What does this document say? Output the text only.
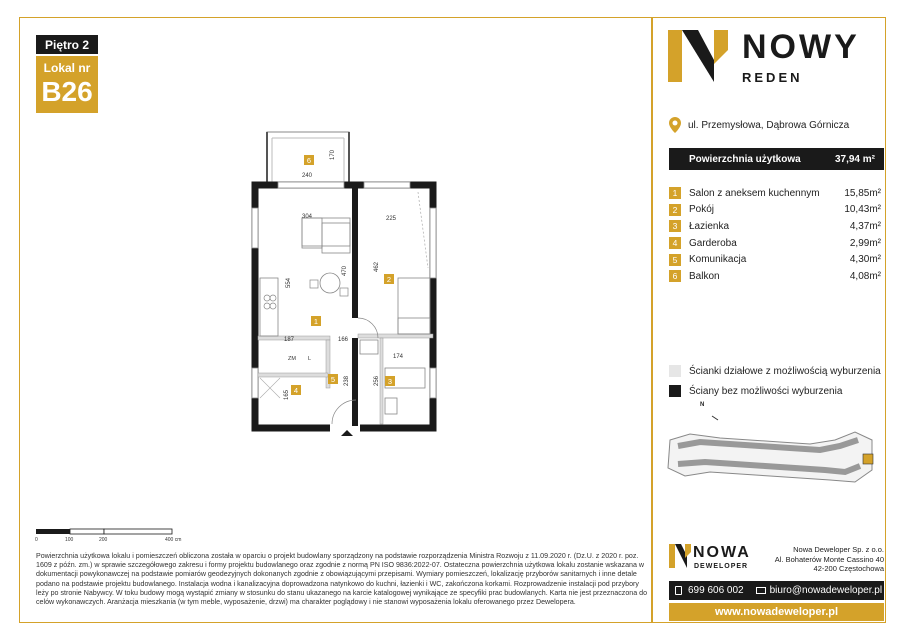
Piętro 2
Lokal nr
B26
6
170
240
304	225
470	462
554
1
2
187	166
174
ZM L
5	3
4
238	256
165
0	100	200	400 cm
Powierzchnia użytkowa lokalu i pomieszczeń obliczona została w oparciu o projekt budowlany sporządzony na podstawie rozporządzenia Ministra Rozwoju z 11.09.2020 r. (Dz.U. z 2020 r. poz. 1609 z późn. zm.) w sprawie szczegółowego zakresu i formy projektu budowlanego oraz zgodnie z normą PN ISO 9836:2022-07. Ostateczna powierzchnia użytkowa lokalu zostanie wskazana w dokumentacji powykonawczej na podstawie pomiarów geodezyjnych dokonanych zgodnie z obowiązującymi przepisami. Wymiary pomieszczeń, lokalizację przyborów sanitarnych i inne detale podano na podstawie projektu budowlanego. Instalacja wodna i kanalizacyjna doprowadzona natynkowo do kuchni, łazienki i WC, zakończona korkami. Rozprowadzenie instalacji pod przybory leży po stronie Nabywcy. W toku budowy mogą wystąpić zmiany w stosunku do stanu ukazanego na karcie katalogowej wynikające ze specyfiki prac budowlanych. Karta nie jest przeznaczona do celów wykonawczych. Aranżacja mieszkania (w tym meble, wyposażenie, drzwi) ma charakter poglądowy i nie stanowi wyposażenia lokalu oferowanego przez Dewelopera.
NOWY
REDEN
ul. Przemysłowa, Dąbrowa Górnicza
Powierzchnia użytkowa	37,94 m²
1	Salon z aneksem kuchennym	15,85m²
2	Pokój	10,43m²
3	Łazienka	4,37m²
4	Garderoba	2,99m²
5	Komunikacja	4,30m²
6	Balkon	4,08m²
Ścianki działowe z możliwością wyburzenia
Ściany bez możliwości wyburzenia
N
NOWA
DEWELOPER
Nowa Deweloper Sp. z o.o.
Al. Bohaterów Monte Cassino 40
42-200 Częstochowa
699 606 002	biuro@nowadeweloper.pl
www.nowadeweloper.pl
